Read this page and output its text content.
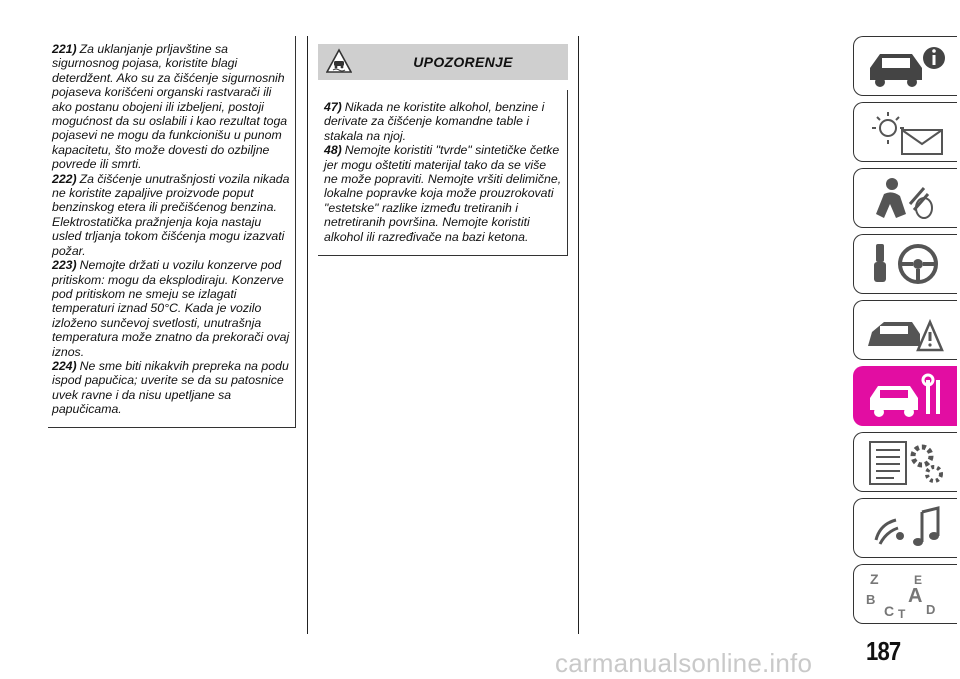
221) Za uklanjanje prljavštine sa sigurnosnog pojasa, koristite blagi deterdžent. Ako su za čišćenje sigurnosnih pojaseva korišćeni organski rastvarači ili ako postanu obojeni ili izbeljeni, postoji mogućnost da su oslabili i kao rezultat toga pojasevi ne mogu da funkcionišu u punom kapacitetu, što može dovesti do ozbiljne povrede ili smrti.

222) Za čišćenje unutrašnjosti vozila nikada ne koristite zapaljive proizvode poput benzinskog etera ili prečišćenog benzina. Elektrostatička pražnjenja koja nastaju usled trljanja tokom čišćenja mogu izazvati požar.

223) Nemojte držati u vozilu konzerve pod pritiskom: mogu da eksplodiraju. Konzerve pod pritiskom ne smeju se izlagati temperaturi iznad 50°C. Kada je vozilo izloženo sunčevoj svetlosti, unutrašnja temperatura može znatno da prekorači ovaj iznos.

224) Ne sme biti nikakvih prepreka na podu ispod papučica; uverite se da su patosnice uvek ravne i da nisu upetljane sa papučicama.

UPOZORENJE

47) Nikada ne koristite alkohol, benzine i derivate za čišćenje komandne table i stakala na njoj.

48) Nemojte koristiti "tvrde" sintetičke četke jer mogu oštetiti materijal tako da se više ne može popraviti. Nemojte vršiti delimične, lokalne popravke koja može prouzrokovati "estetske" razlike između tretiranih i netretiranih površina. Nemojte koristiti alkohol ili razređivače na bazi ketona.

Z	E
B A
C T D
187
carmanualsonline.info
